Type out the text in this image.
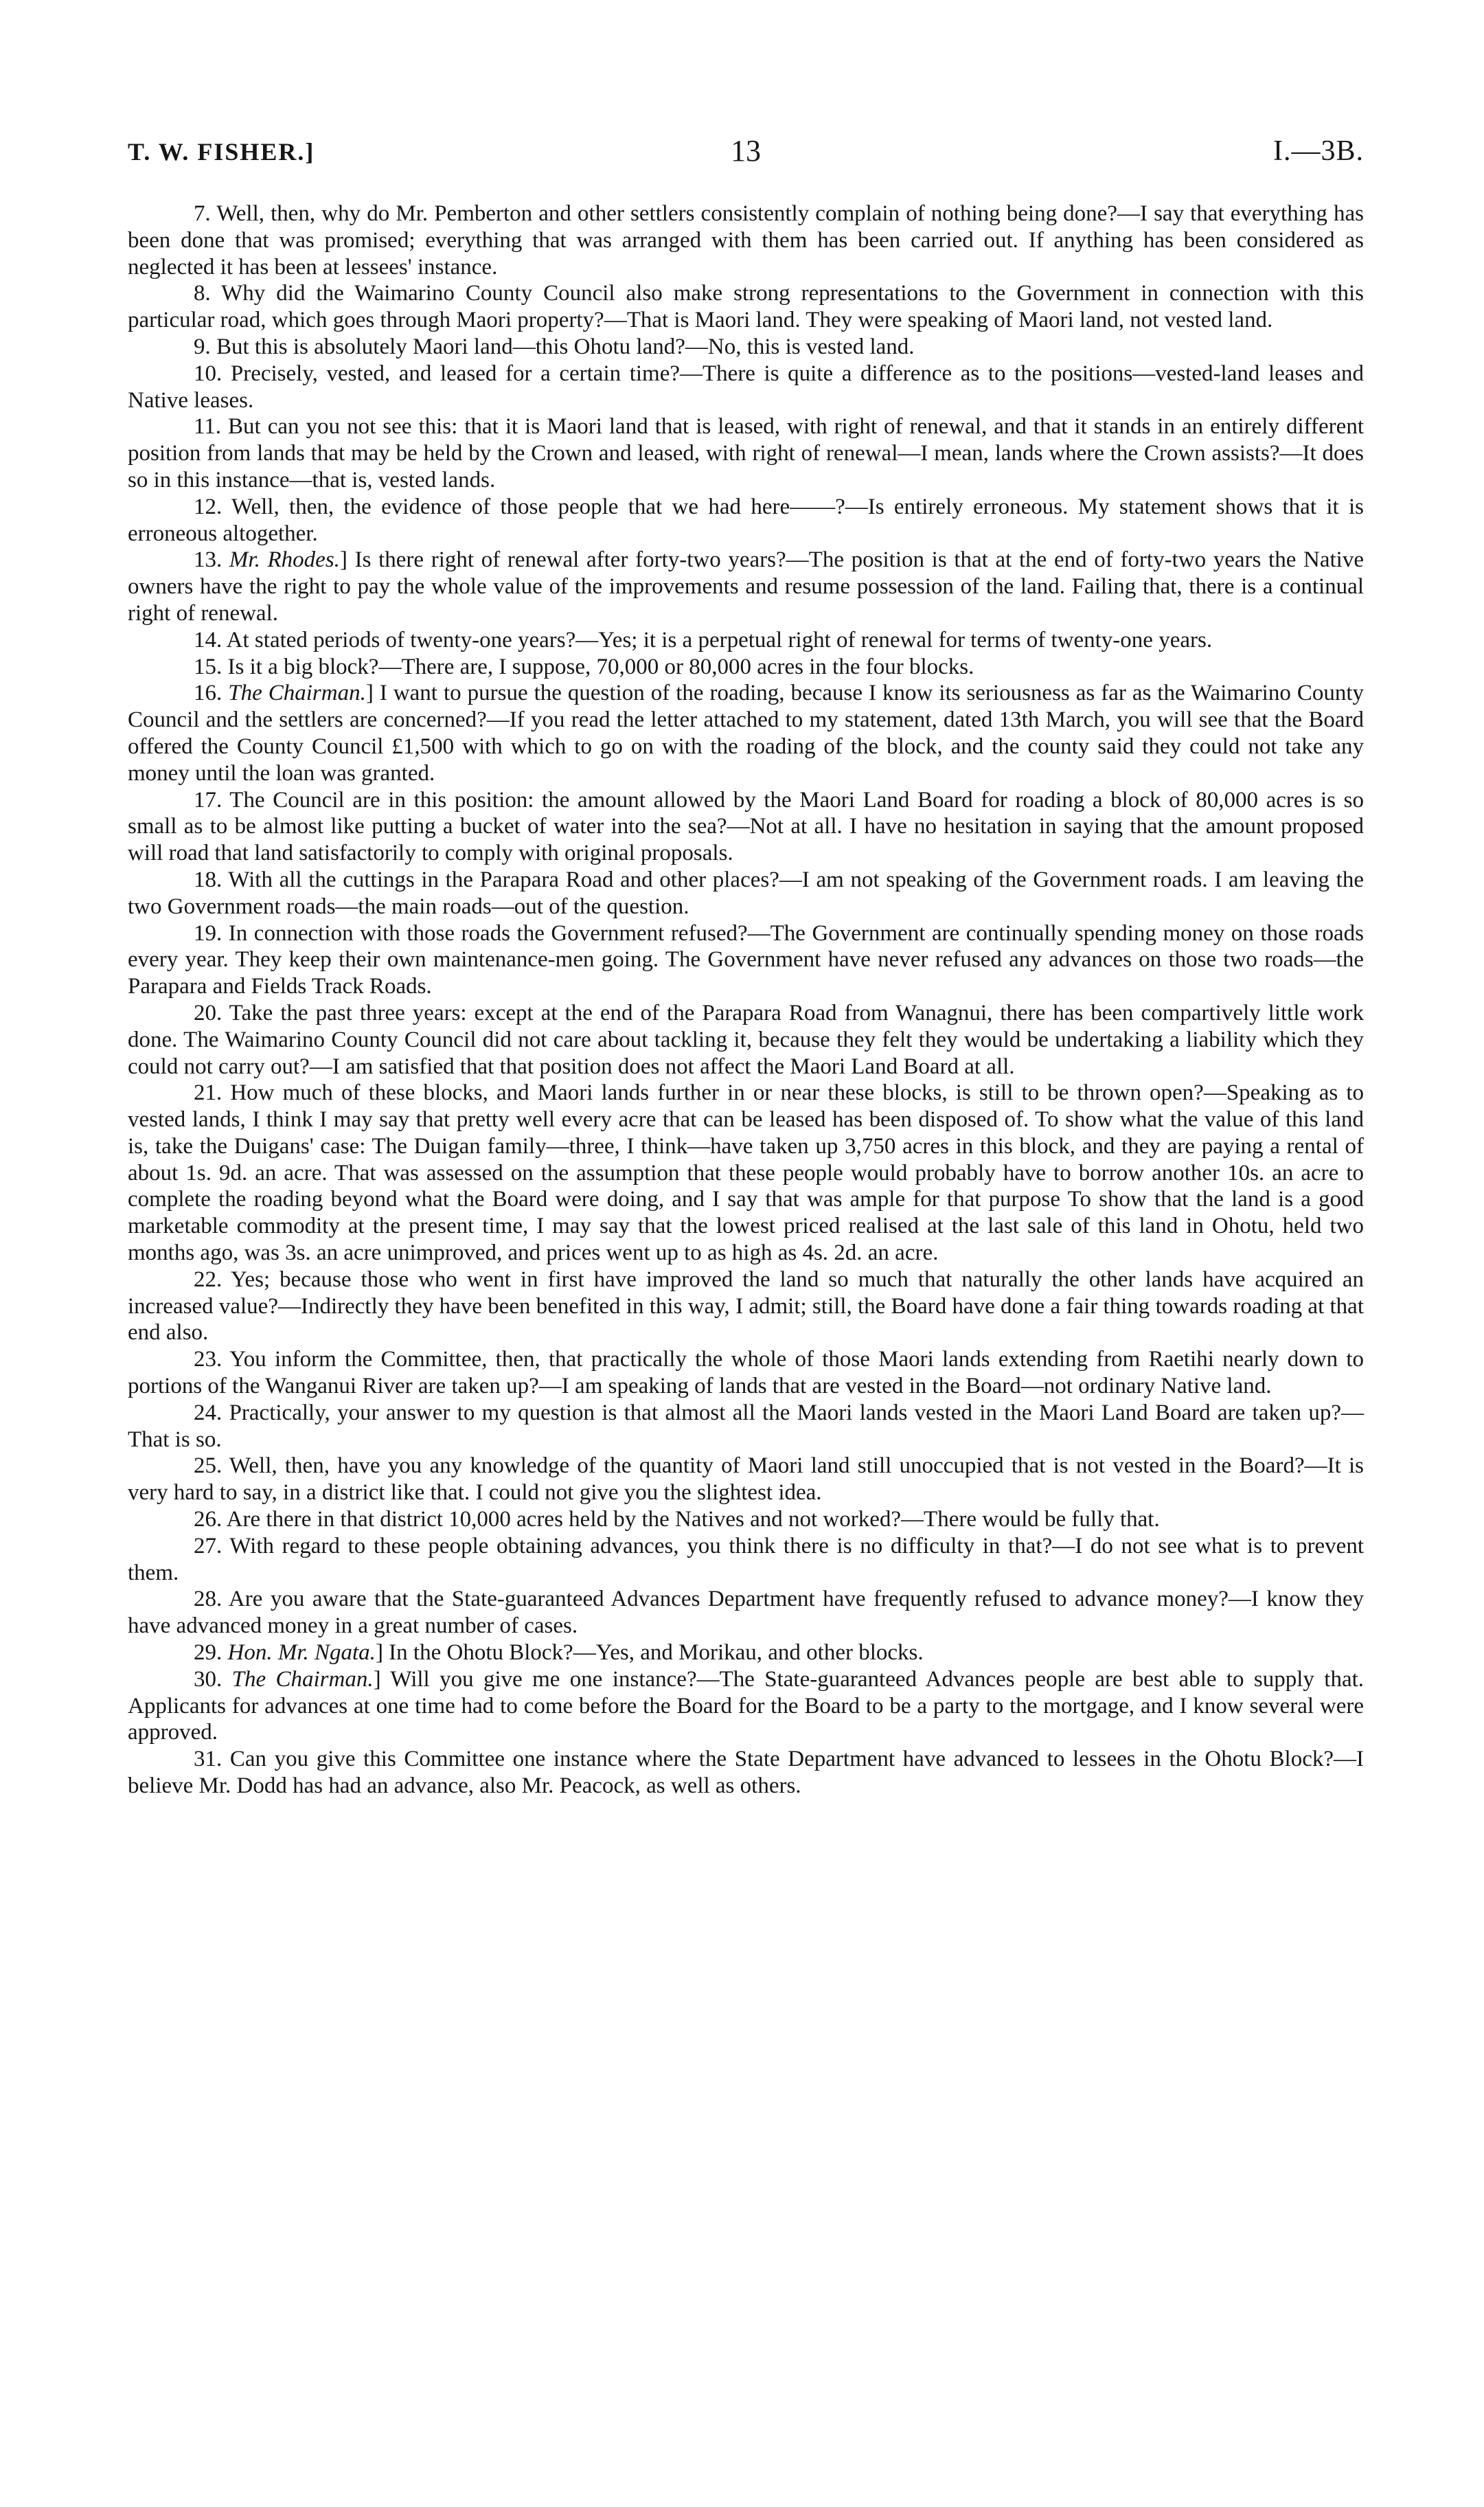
T. W. FISHER.]	13	I.—3B.

7. Well, then, why do Mr. Pemberton and other settlers consistently complain of nothing being done?—I say that everything has been done that was promised; everything that was arranged with them has been carried out. If anything has been considered as neglected it has been at lessees' instance.

8. Why did the Waimarino County Council also make strong representations to the Government in connection with this particular road, which goes through Maori property?—That is Maori land. They were speaking of Maori land, not vested land.

9. But this is absolutely Maori land—this Ohotu land?—No, this is vested land.

10. Precisely, vested, and leased for a certain time?—There is quite a difference as to the positions—vested-land leases and Native leases.

11. But can you not see this: that it is Maori land that is leased, with right of renewal, and that it stands in an entirely different position from lands that may be held by the Crown and leased, with right of renewal—I mean, lands where the Crown assists?—It does so in this instance—that is, vested lands.

12. Well, then, the evidence of those people that we had here——?—Is entirely erroneous. My statement shows that it is erroneous altogether.

13. Mr. Rhodes.] Is there right of renewal after forty-two years?—The position is that at the end of forty-two years the Native owners have the right to pay the whole value of the improvements and resume possession of the land. Failing that, there is a continual right of renewal.

14. At stated periods of twenty-one years?—Yes; it is a perpetual right of renewal for terms of twenty-one years.

15. Is it a big block?—There are, I suppose, 70,000 or 80,000 acres in the four blocks.

16. The Chairman.] I want to pursue the question of the roading, because I know its seriousness as far as the Waimarino County Council and the settlers are concerned?—If you read the letter attached to my statement, dated 13th March, you will see that the Board offered the County Council £1,500 with which to go on with the roading of the block, and the county said they could not take any money until the loan was granted.

17. The Council are in this position: the amount allowed by the Maori Land Board for roading a block of 80,000 acres is so small as to be almost like putting a bucket of water into the sea?—Not at all. I have no hesitation in saying that the amount proposed will road that land satisfactorily to comply with original proposals.

18. With all the cuttings in the Parapara Road and other places?—I am not speaking of the Government roads. I am leaving the two Government roads—the main roads—out of the question.

19. In connection with those roads the Government refused?—The Government are continually spending money on those roads every year. They keep their own maintenance-men going. The Government have never refused any advances on those two roads—the Parapara and Fields Track Roads.

20. Take the past three years: except at the end of the Parapara Road from Wanagnui, there has been compartively little work done. The Waimarino County Council did not care about tackling it, because they felt they would be undertaking a liability which they could not carry out?—I am satisfied that that position does not affect the Maori Land Board at all.

21. How much of these blocks, and Maori lands further in or near these blocks, is still to be thrown open?—Speaking as to vested lands, I think I may say that pretty well every acre that can be leased has been disposed of. To show what the value of this land is, take the Duigans' case: The Duigan family—three, I think—have taken up 3,750 acres in this block, and they are paying a rental of about 1s. 9d. an acre. That was assessed on the assumption that these people would probably have to borrow another 10s. an acre to complete the roading beyond what the Board were doing, and I say that was ample for that purpose To show that the land is a good marketable commodity at the present time, I may say that the lowest priced realised at the last sale of this land in Ohotu, held two months ago, was 3s. an acre unimproved, and prices went up to as high as 4s. 2d. an acre.

22. Yes; because those who went in first have improved the land so much that naturally the other lands have acquired an increased value?—Indirectly they have been benefited in this way, I admit; still, the Board have done a fair thing towards roading at that end also.

23. You inform the Committee, then, that practically the whole of those Maori lands extending from Raetihi nearly down to portions of the Wanganui River are taken up?—I am speaking of lands that are vested in the Board—not ordinary Native land.

24. Practically, your answer to my question is that almost all the Maori lands vested in the Maori Land Board are taken up?—That is so.

25. Well, then, have you any knowledge of the quantity of Maori land still unoccupied that is not vested in the Board?—It is very hard to say, in a district like that. I could not give you the slightest idea.

26. Are there in that district 10,000 acres held by the Natives and not worked?—There would be fully that.

27. With regard to these people obtaining advances, you think there is no difficulty in that?—I do not see what is to prevent them.

28. Are you aware that the State-guaranteed Advances Department have frequently refused to advance money?—I know they have advanced money in a great number of cases.

29. Hon. Mr. Ngata.] In the Ohotu Block?—Yes, and Morikau, and other blocks.

30. The Chairman.] Will you give me one instance?—The State-guaranteed Advances people are best able to supply that. Applicants for advances at one time had to come before the Board for the Board to be a party to the mortgage, and I know several were approved.

31. Can you give this Committee one instance where the State Department have advanced to lessees in the Ohotu Block?—I believe Mr. Dodd has had an advance, also Mr. Peacock, as well as others.
